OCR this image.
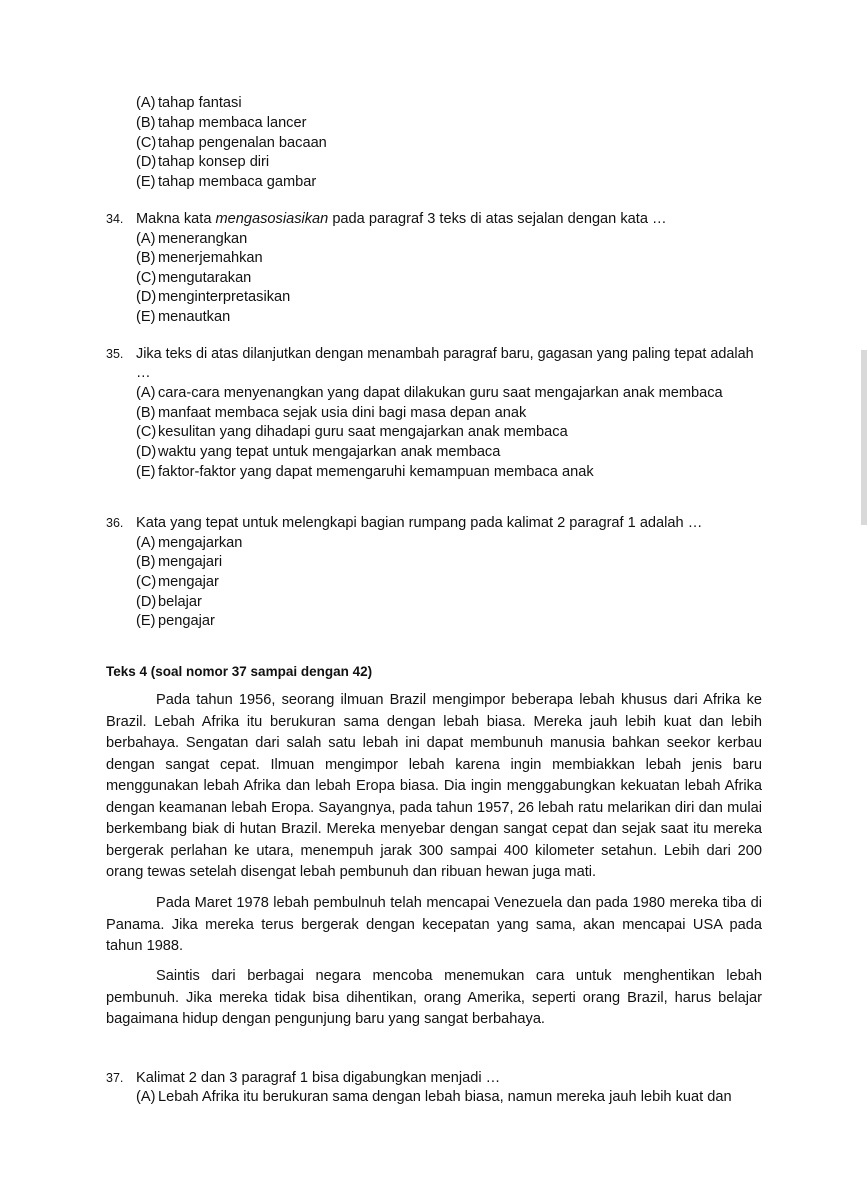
(A) tahap fantasi
(B) tahap membaca lancer
(C) tahap pengenalan bacaan
(D) tahap konsep diri
(E) tahap membaca gambar
34. Makna kata mengasosiasikan pada paragraf 3 teks di atas sejalan dengan kata …
(A) menerangkan
(B) menerjemahkan
(C) mengutarakan
(D) menginterpretasikan
(E) menautkan
35. Jika teks di atas dilanjutkan dengan menambah paragraf baru, gagasan yang paling tepat adalah
…
(A) cara-cara menyenangkan yang dapat dilakukan guru saat mengajarkan anak membaca
(B) manfaat membaca sejak usia dini bagi masa depan anak
(C) kesulitan yang dihadapi guru saat mengajarkan anak membaca
(D) waktu yang tepat untuk mengajarkan anak membaca
(E) faktor-faktor yang dapat memengaruhi kemampuan membaca anak
36. Kata yang tepat untuk melengkapi bagian rumpang pada kalimat 2 paragraf 1 adalah …
(A) mengajarkan
(B) mengajari
(C) mengajar
(D) belajar
(E) pengajar
Teks 4 (soal nomor 37 sampai dengan 42)
Pada tahun 1956, seorang ilmuan Brazil mengimpor beberapa lebah khusus dari Afrika ke Brazil. Lebah Afrika itu berukuran sama dengan lebah biasa. Mereka jauh lebih kuat dan lebih berbahaya. Sengatan dari salah satu lebah ini dapat membunuh manusia bahkan seekor kerbau dengan sangat cepat. Ilmuan mengimpor lebah karena ingin membiakkan lebah jenis baru menggunakan lebah Afrika dan lebah Eropa biasa. Dia ingin menggabungkan kekuatan lebah Afrika dengan keamanan lebah Eropa. Sayangnya, pada tahun 1957, 26 lebah ratu melarikan diri dan mulai berkembang biak di hutan Brazil. Mereka menyebar dengan sangat cepat dan sejak saat itu mereka bergerak perlahan ke utara, menempuh jarak 300 sampai 400 kilometer setahun. Lebih dari 200 orang tewas setelah disengat lebah pembunuh dan ribuan hewan juga mati.
Pada Maret 1978 lebah pembulnuh telah mencapai Venezuela dan pada 1980 mereka tiba di Panama. Jika mereka terus bergerak dengan kecepatan yang sama, akan mencapai USA pada tahun 1988.
Saintis dari berbagai negara mencoba menemukan cara untuk menghentikan lebah pembunuh. Jika mereka tidak bisa dihentikan, orang Amerika, seperti orang Brazil, harus belajar bagaimana hidup dengan pengunjung baru yang sangat berbahaya.
37. Kalimat 2 dan 3 paragraf 1 bisa digabungkan menjadi …
(A) Lebah Afrika itu berukuran sama dengan lebah biasa, namun mereka jauh lebih kuat dan
